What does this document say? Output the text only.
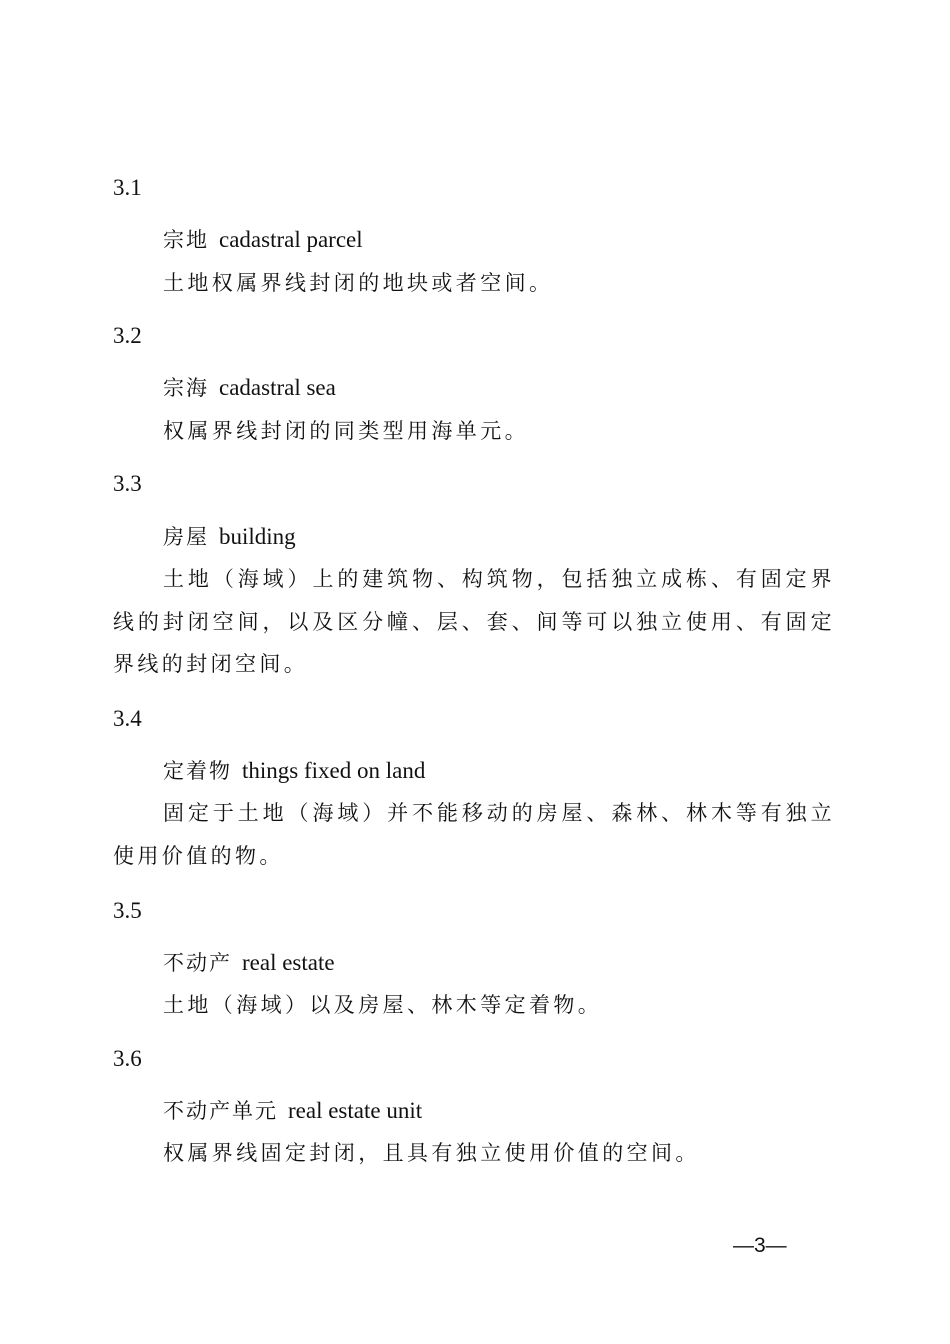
3.1
宗地 cadastral parcel

土地权属界线封闭的地块或者空间。

3.2
宗海 cadastral sea

权属界线封闭的同类型用海单元。

3.3
房屋 building

土地（海域）上的建筑物、构筑物，包括独立成栋、有固定界线的封闭空间，以及区分幢、层、套、间等可以独立使用、有固定界线的封闭空间。

3.4
定着物 things fixed on land

固定于土地（海域）并不能移动的房屋、森林、林木等有独立使用价值的物。

3.5
不动产 real estate

土地（海域）以及房屋、林木等定着物。

3.6
不动产单元 real estate unit

权属界线固定封闭，且具有独立使用价值的空间。

—3—
